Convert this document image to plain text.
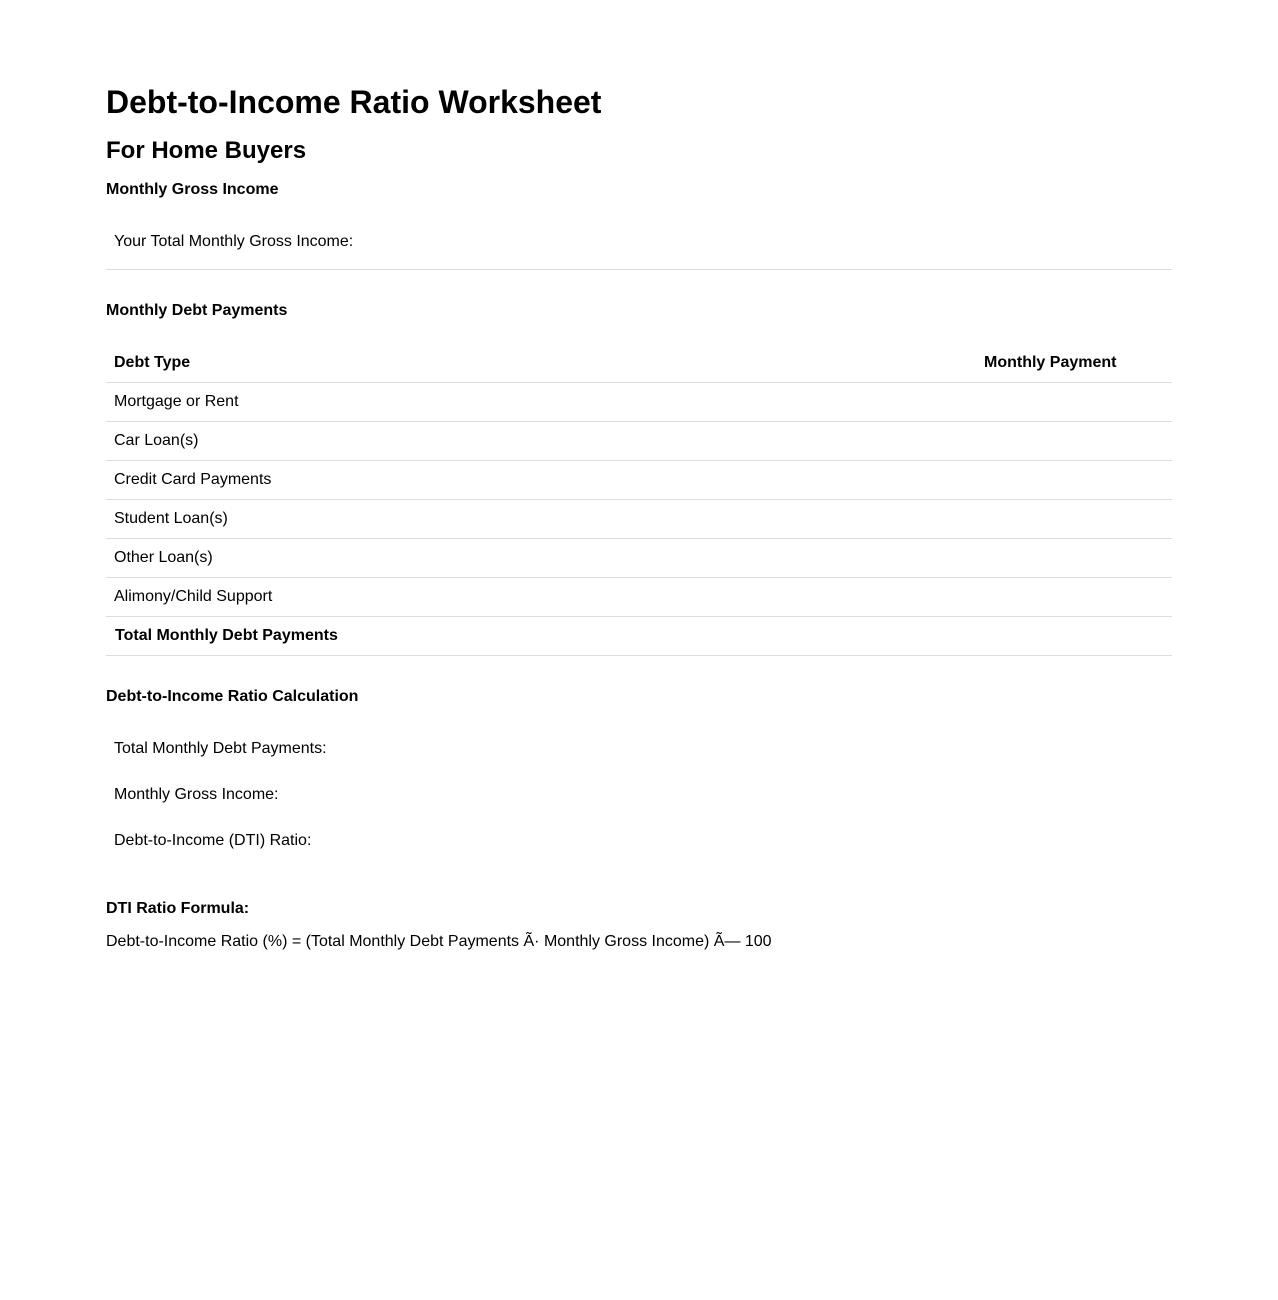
Debt-to-Income Ratio Worksheet
For Home Buyers
Monthly Gross Income
Your Total Monthly Gross Income:
Monthly Debt Payments
Debt Type	Monthly Payment
Mortgage or Rent
Car Loan(s)
Credit Card Payments
Student Loan(s)
Other Loan(s)
Alimony/Child Support
Total Monthly Debt Payments
Debt-to-Income Ratio Calculation
Total Monthly Debt Payments:
Monthly Gross Income:
Debt-to-Income (DTI) Ratio:
DTI Ratio Formula:
Debt-to-Income Ratio (%) = (Total Monthly Debt Payments Ã· Monthly Gross Income) Ã— 100
